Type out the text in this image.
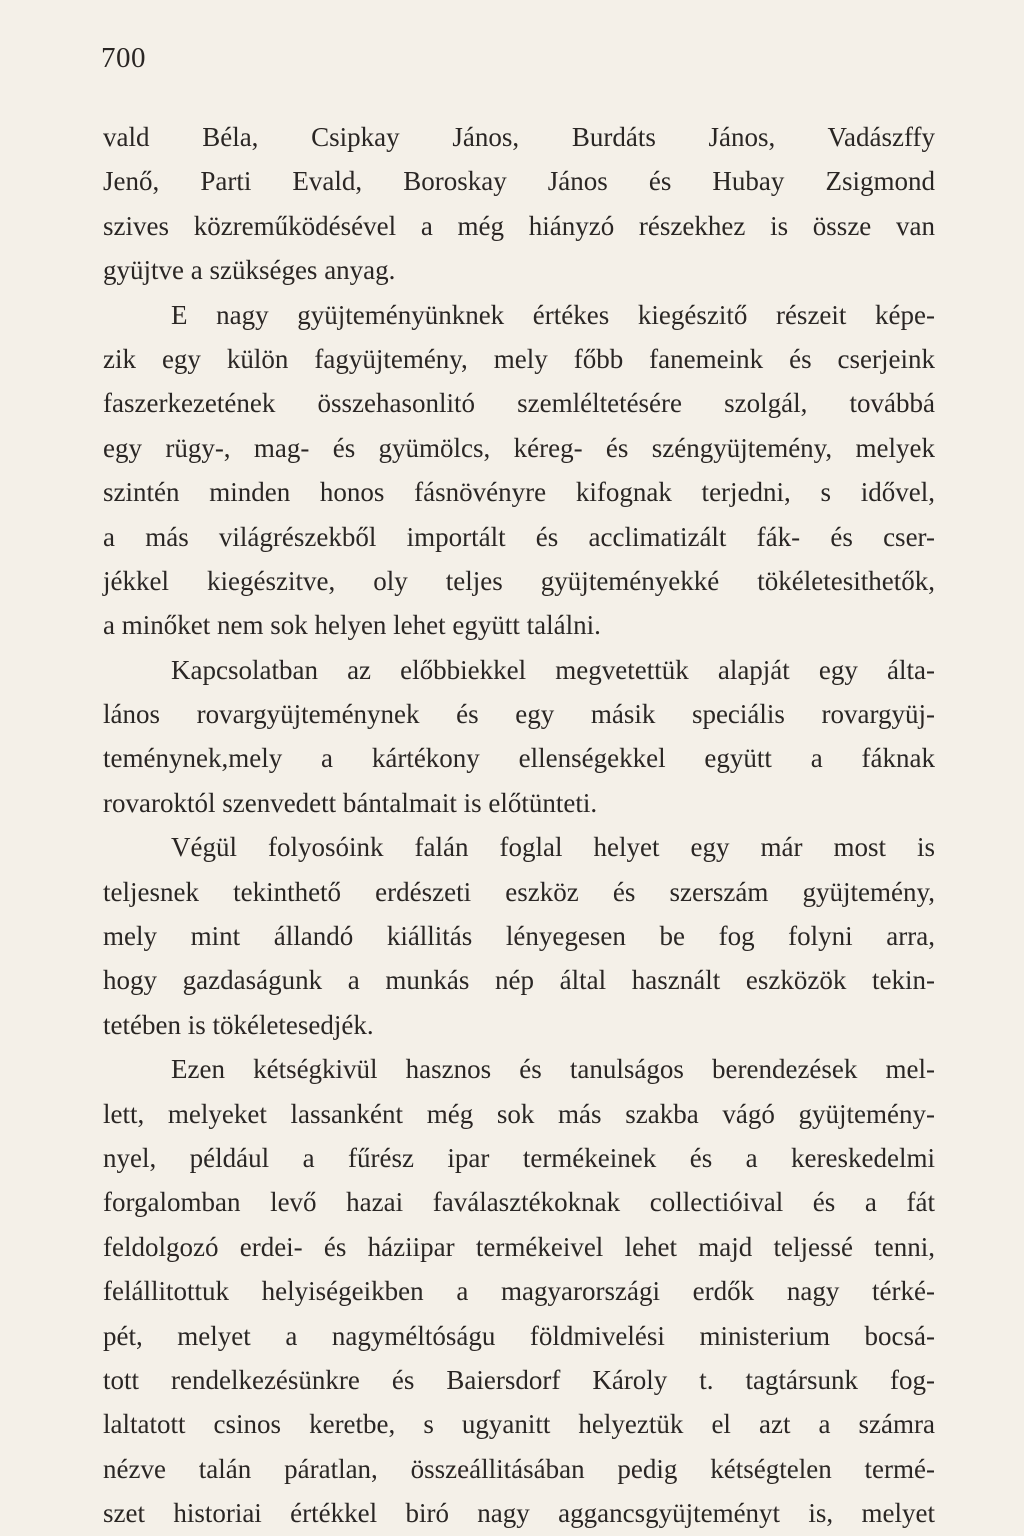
700
vald Béla, Csipkay János, Burdáts János, Vadászffy
Jenő, Parti Evald, Boroskay János és Hubay Zsigmond
szives közreműködésével a még hiányzó részekhez is össze van
gyüjtve a szükséges anyag.
E nagy gyüjteményünknek értékes kiegészitő részeit képe-
zik egy külön fagyüjtemény, mely főbb fanemeink és cserjeink
faszerkezetének összehasonlitó szemléltetésére szolgál, továbbá
egy rügy-, mag- és gyümölcs, kéreg- és széngyüjtemény, melyek
szintén minden honos fásnövényre kifognak terjedni, s idővel,
a más világrészekből importált és acclimatizált fák- és cser-
jékkel kiegészitve, oly teljes gyüjteményekké tökéletesithetők,
a minőket nem sok helyen lehet együtt találni.
Kapcsolatban az előbbiekkel megvetettük alapját egy álta-
lános rovargyüjteménynek és egy másik speciális rovargyüj-
teménynek,mely a kártékony ellenségekkel együtt a fáknak
rovaroktól szenvedett bántalmait is előtünteti.
Végül folyosóink falán foglal helyet egy már most is
teljesnek tekinthető erdészeti eszköz és szerszám gyüjtemény,
mely mint állandó kiállitás lényegesen be fog folyni arra,
hogy gazdaságunk a munkás nép által használt eszközök tekin-
tetében is tökéletesedjék.
Ezen kétségkivül hasznos és tanulságos berendezések mel-
lett, melyeket lassanként még sok más szakba vágó gyüjtemény-
nyel, például a fűrész ipar termékeinek és a kereskedelmi
forgalomban levő hazai faválasztékoknak collectióival és a fát
feldolgozó erdei- és háziipar termékeivel lehet majd teljessé tenni,
felállitottuk helyiségeikben a magyarországi erdők nagy térké-
pét, melyet a nagyméltóságu földmivelési ministerium bocsá-
tott rendelkezésünkre és Baiersdorf Károly t. tagtársunk fog-
laltatott csinos keretbe, s ugyanitt helyeztük el azt a számra
nézve talán páratlan, összeállitásában pedig kétségtelen termé-
szet historiai értékkel biró nagy aggancsgyüjteményt is, melyet
